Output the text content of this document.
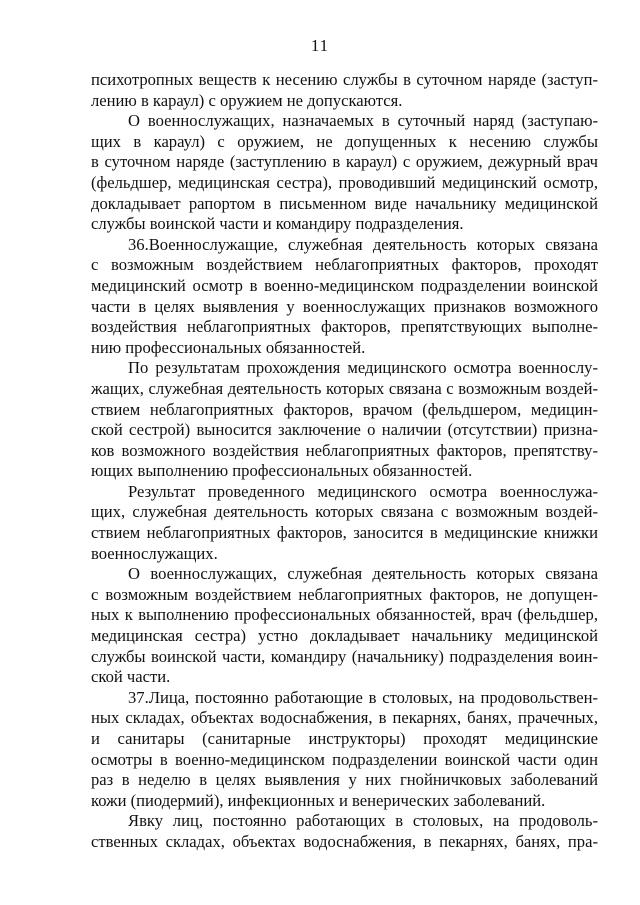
11
психотропных веществ к несению службы в суточном наряде (заступ-
лению в караул) с оружием не допускаются.
О военнослужащих, назначаемых в суточный наряд (заступаю-
щих в караул) с оружием, не допущенных к несению службы
в суточном наряде (заступлению в караул) с оружием, дежурный врач
(фельдшер, медицинская сестра), проводивший медицинский осмотр,
докладывает рапортом в письменном виде начальнику медицинской
службы воинской части и командиру подразделения.
36.Военнослужащие, служебная деятельность которых связана
с возможным воздействием неблагоприятных факторов, проходят
медицинский осмотр в военно-медицинском подразделении воинской
части в целях выявления у военнослужащих признаков возможного
воздействия неблагоприятных факторов, препятствующих выполне-
нию профессиональных обязанностей.
По результатам прохождения медицинского осмотра военнослу-
жащих, служебная деятельность которых связана с возможным воздей-
ствием неблагоприятных факторов, врачом (фельдшером, медицин-
ской сестрой) выносится заключение о наличии (отсутствии) призна-
ков возможного воздействия неблагоприятных факторов, препятству-
ющих выполнению профессиональных обязанностей.
Результат проведенного медицинского осмотра военнослужа-
щих, служебная деятельность которых связана с возможным воздей-
ствием неблагоприятных факторов, заносится в медицинские книжки
военнослужащих.
О военнослужащих, служебная деятельность которых связана
с возможным воздействием неблагоприятных факторов, не допущен-
ных к выполнению профессиональных обязанностей, врач (фельдшер,
медицинская сестра) устно докладывает начальнику медицинской
службы воинской части, командиру (начальнику) подразделения воин-
ской части.
37.Лица, постоянно работающие в столовых, на продовольствен-
ных складах, объектах водоснабжения, в пекарнях, банях, прачечных,
и санитары (санитарные инструкторы) проходят медицинские
осмотры в военно-медицинском подразделении воинской части один
раз в неделю в целях выявления у них гнойничковых заболеваний
кожи (пиодермий), инфекционных и венерических заболеваний.
Явку лиц, постоянно работающих в столовых, на продоволь-
ственных складах, объектах водоснабжения, в пекарнях, банях, пра-
